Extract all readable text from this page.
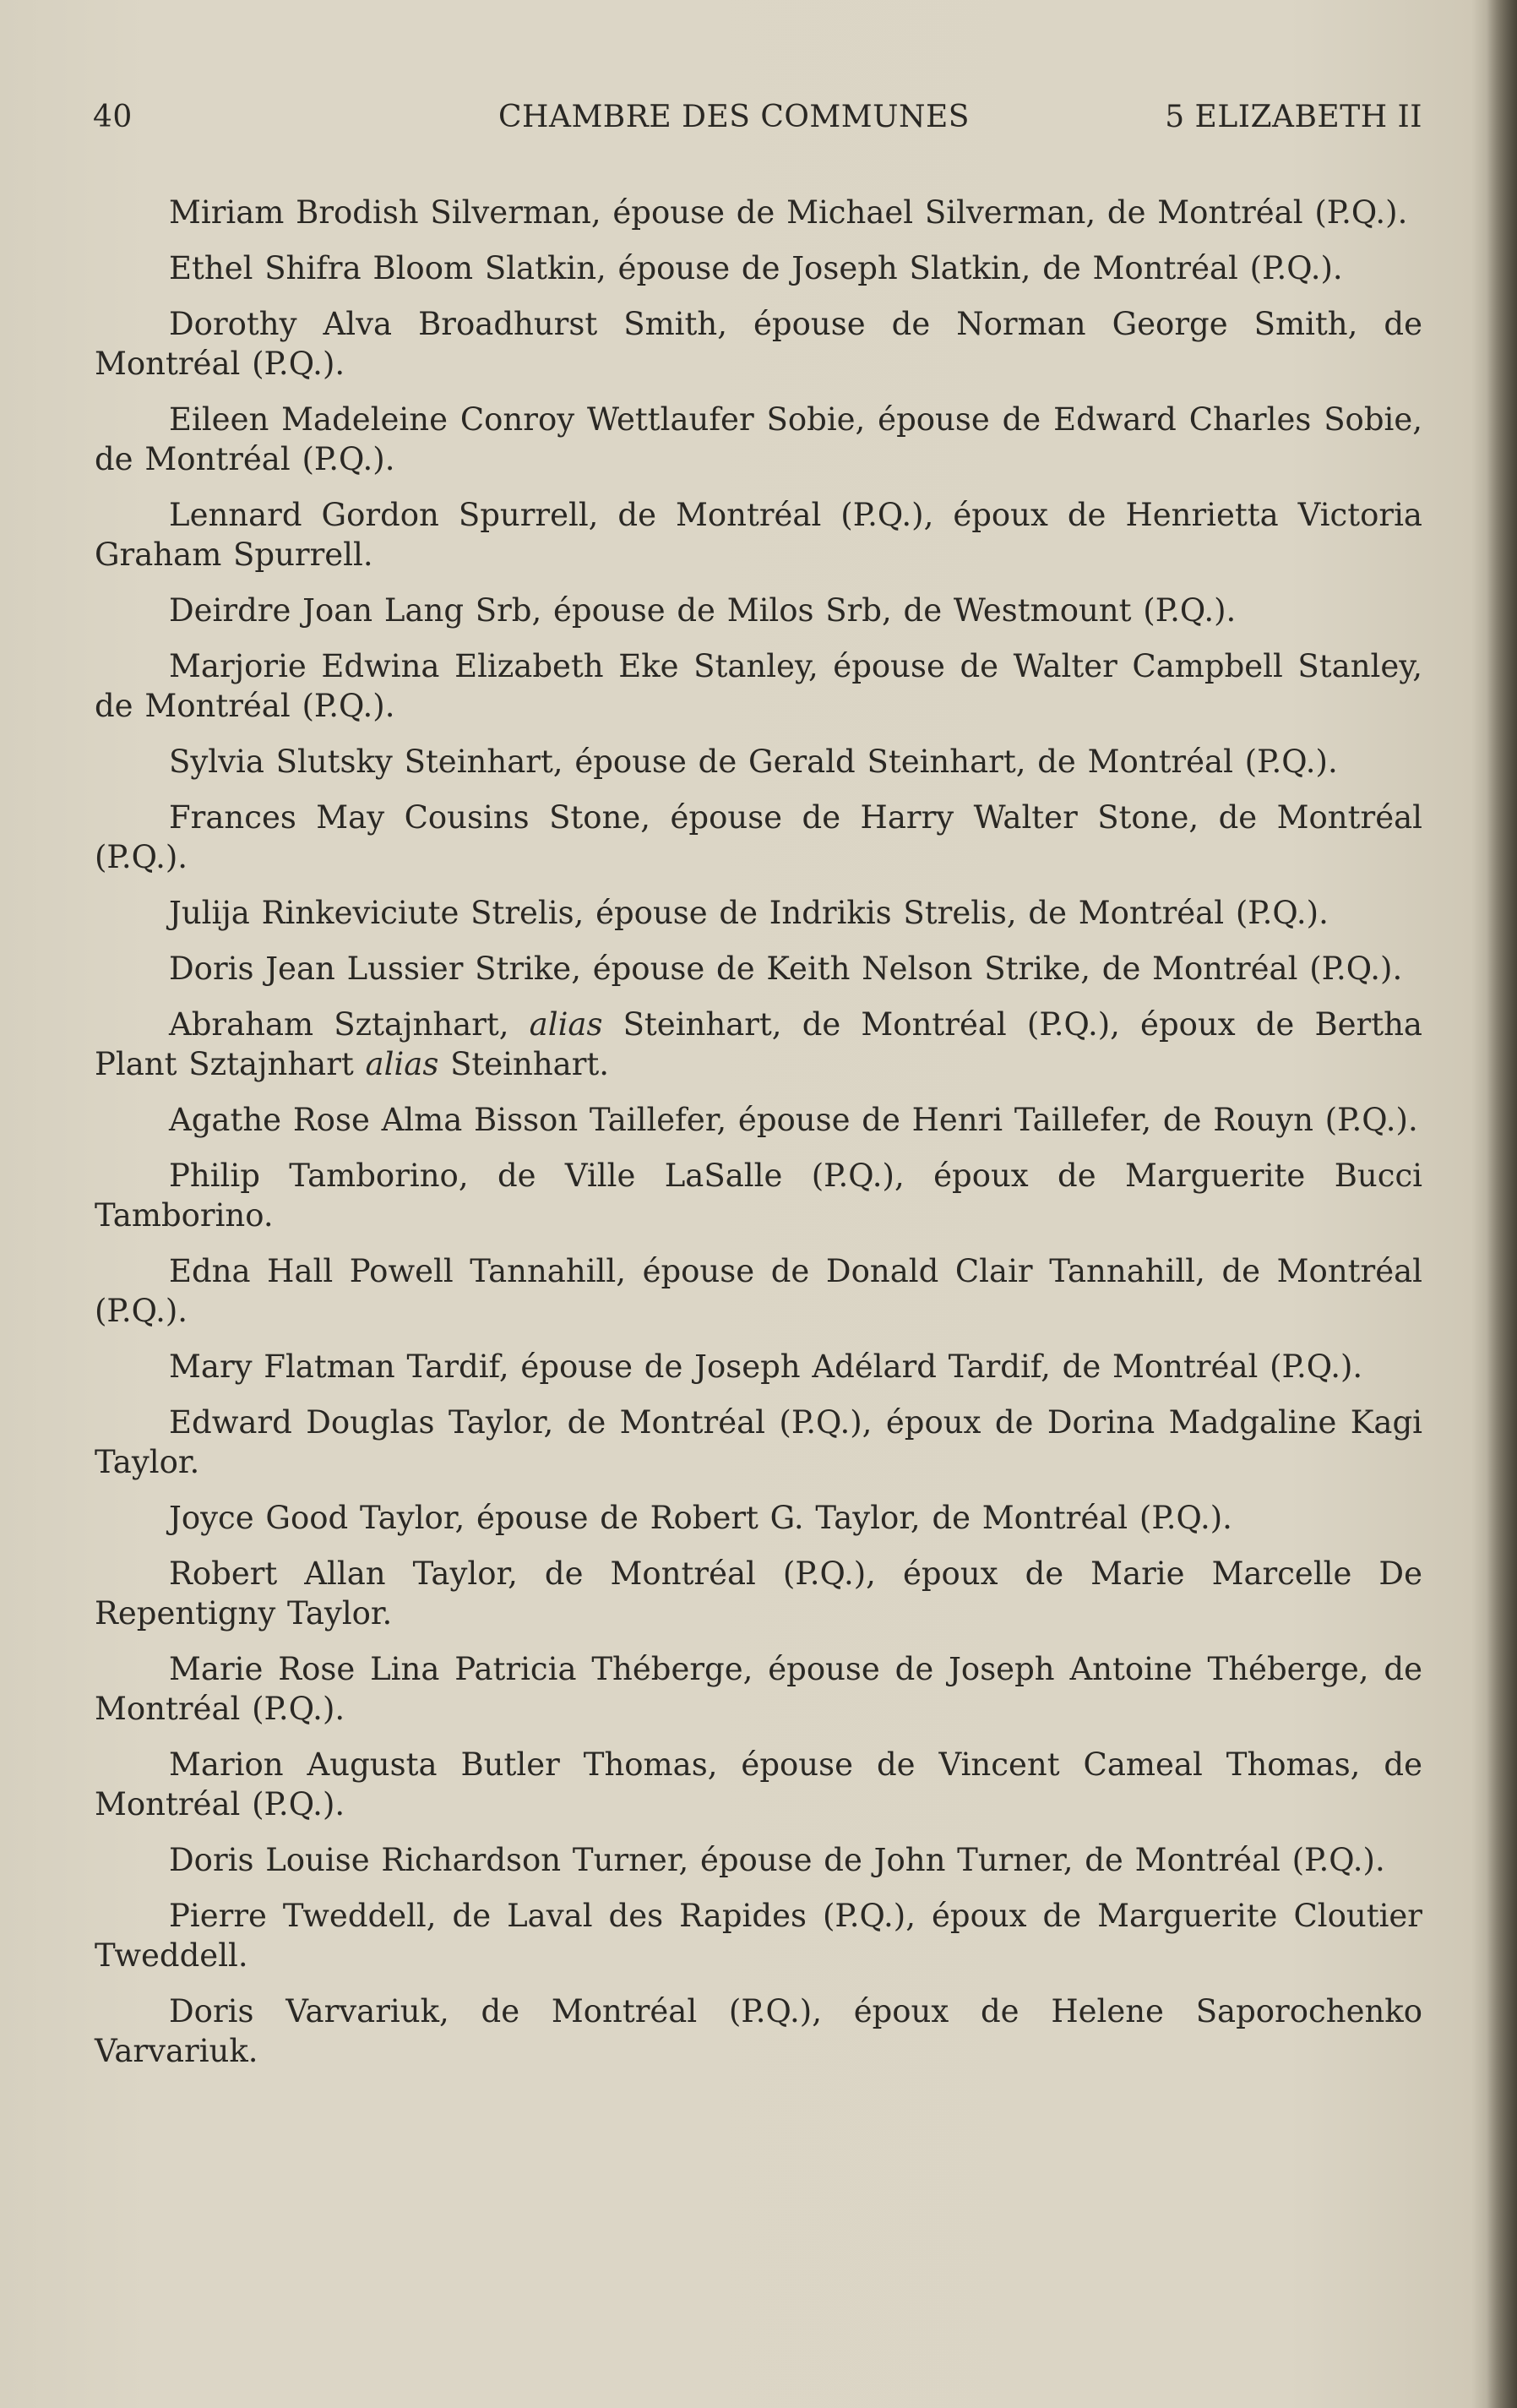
40	CHAMBRE DES COMMUNES	5 ELIZABETH II

Miriam Brodish Silverman, épouse de Michael Silverman, de Montréal (P.Q.).

Ethel Shifra Bloom Slatkin, épouse de Joseph Slatkin, de Montréal (P.Q.).

Dorothy Alva Broadhurst Smith, épouse de Norman George Smith, de Montréal (P.Q.).

Eileen Madeleine Conroy Wettlaufer Sobie, épouse de Edward Charles Sobie, de Montréal (P.Q.).

Lennard Gordon Spurrell, de Montréal (P.Q.), époux de Henrietta Victoria Graham Spurrell.

Deirdre Joan Lang Srb, épouse de Milos Srb, de Westmount (P.Q.).

Marjorie Edwina Elizabeth Eke Stanley, épouse de Walter Campbell Stanley, de Montréal (P.Q.).

Sylvia Slutsky Steinhart, épouse de Gerald Steinhart, de Montréal (P.Q.).

Frances May Cousins Stone, épouse de Harry Walter Stone, de Montréal (P.Q.).

Julija Rinkeviciute Strelis, épouse de Indrikis Strelis, de Montréal (P.Q.).

Doris Jean Lussier Strike, épouse de Keith Nelson Strike, de Montréal (P.Q.).

Abraham Sztajnhart, alias Steinhart, de Montréal (P.Q.), époux de Bertha Plant Sztajnhart alias Steinhart.

Agathe Rose Alma Bisson Taillefer, épouse de Henri Taillefer, de Rouyn (P.Q.).

Philip Tamborino, de Ville LaSalle (P.Q.), époux de Marguerite Bucci Tamborino.

Edna Hall Powell Tannahill, épouse de Donald Clair Tannahill, de Montréal (P.Q.).

Mary Flatman Tardif, épouse de Joseph Adélard Tardif, de Montréal (P.Q.).

Edward Douglas Taylor, de Montréal (P.Q.), époux de Dorina Madgaline Kagi Taylor.

Joyce Good Taylor, épouse de Robert G. Taylor, de Montréal (P.Q.).

Robert Allan Taylor, de Montréal (P.Q.), époux de Marie Marcelle De Repentigny Taylor.

Marie Rose Lina Patricia Théberge, épouse de Joseph Antoine Théberge, de Montréal (P.Q.).

Marion Augusta Butler Thomas, épouse de Vincent Cameal Thomas, de Montréal (P.Q.).

Doris Louise Richardson Turner, épouse de John Turner, de Montréal (P.Q.).

Pierre Tweddell, de Laval des Rapides (P.Q.), époux de Marguerite Cloutier Tweddell.

Doris Varvariuk, de Montréal (P.Q.), époux de Helene Saporochenko Varvariuk.
